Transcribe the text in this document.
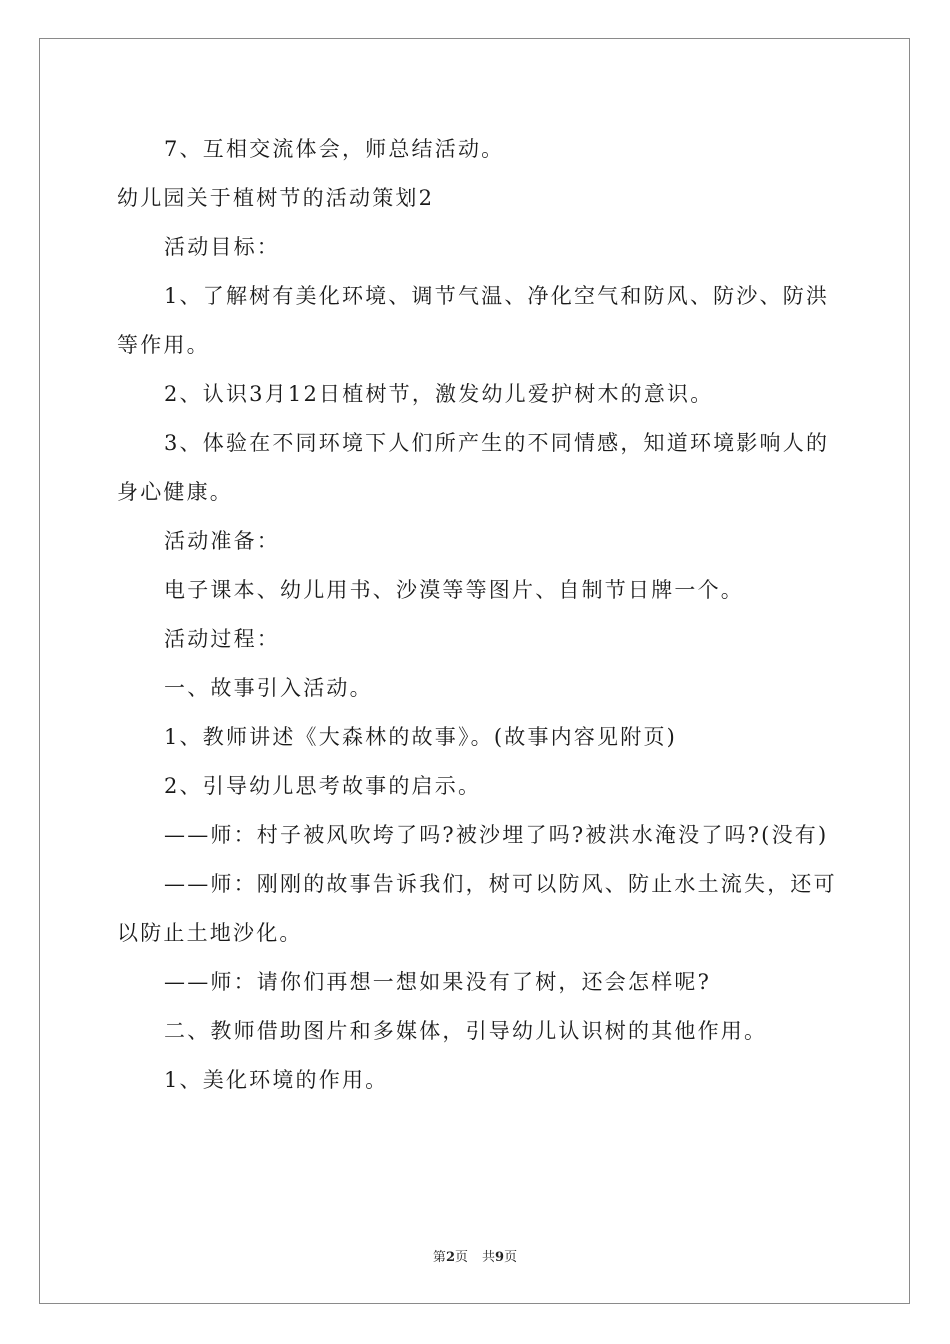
7、互相交流体会，师总结活动。

幼儿园关于植树节的活动策划2

活动目标：

1、了解树有美化环境、调节气温、净化空气和防风、防沙、防洪等作用。

2、认识3月12日植树节，激发幼儿爱护树木的意识。

3、体验在不同环境下人们所产生的不同情感，知道环境影响人的身心健康。

活动准备：

电子课本、幼儿用书、沙漠等等图片、自制节日牌一个。

活动过程：

一、故事引入活动。

1、教师讲述《大森林的故事》。(故事内容见附页)

2、引导幼儿思考故事的启示。

——师：村子被风吹垮了吗?被沙埋了吗?被洪水淹没了吗?(没有)

——师：刚刚的故事告诉我们，树可以防风、防止水土流失，还可以防止土地沙化。

——师：请你们再想一想如果没有了树，还会怎样呢?

二、教师借助图片和多媒体，引导幼儿认识树的其他作用。

1、美化环境的作用。

第2页 共9页
